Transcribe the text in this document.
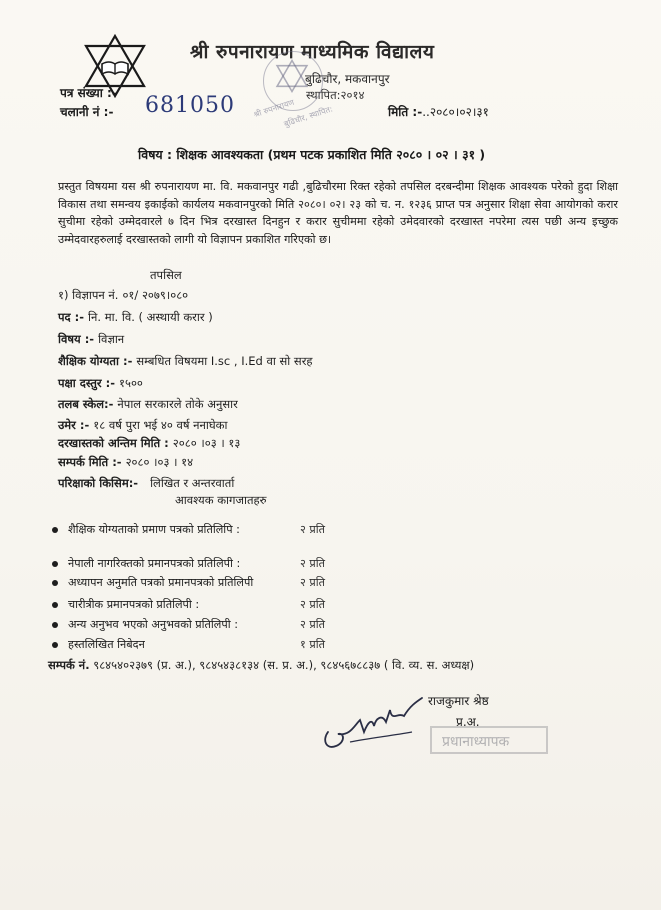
श्री रुपनारायण माध्यमिक विद्यालय
बुढिचौर, मकवानपुर
स्थापित:२०१४
श्री रुपनारायण
बुढिचौर, स्थापित:
पत्र संख्या :-
चलानी नं :- 681050	मिति :-..२०८०।०२।३१
विषय : शिक्षक आवश्यकता (प्रथम पटक प्रकाशित मिति २०८० । ०२ । ३१ )
प्रस्तुत विषयमा यस श्री रुपनारायण मा. वि. मकवानपुर गढी ,बुढिचौरमा रिक्त रहेको तपसिल दरबन्दीमा शिक्षक आवश्यक परेको हुदा शिक्षा विकास तथा समन्वय इकाईको कार्यलय मकवानपुरको मिति २०८०। ०२। २३ को च. न. १२३६ प्राप्त पत्र अनुसार शिक्षा सेवा आयोगको करार सुचीमा रहेको उम्मेदवारले ७ दिन भित्र दरखास्त दिनहुन र करार सुचीममा रहेको उमेदवारको दरखास्त नपरेमा त्यस पछी अन्य इच्छुक उम्मेदवारहरुलाई दरखास्तको लागी यो विज्ञापन प्रकाशित गरिएको छ।
तपसिल
१) विज्ञापन नं. ०१/ २०७९।०८०
पद :- नि. मा. वि. ( अस्थायी करार )
विषय :- विज्ञान
शैक्षिक योग्यता :- सम्बधित विषयमा I.sc , I.Ed वा सो सरह
पक्षा दस्तुर :- १५००
तलब स्केल:- नेपाल सरकारले तोके अनुसार
उमेर :- १८ वर्ष पुरा भई ४० वर्ष ननाघेका
दरखास्तको अन्तिम मिति : २०८० ।०३ । १३
सम्पर्क मिति :- २०८० ।०३ । १४
परिक्षाको किसिम:- लिखित र अन्तरवार्ता
आवश्यक कागजातहरु
शैक्षिक योग्यताको प्रमाण पत्रको प्रतिलिपि :	२ प्रति
नेपाली नागरिक्तको प्रमानपत्रको प्रतिलिपी :	२ प्रति
अध्यापन अनुमति पत्रको प्रमानपत्रको प्रतिलिपी	२ प्रति
चारीत्रीक प्रमानपत्रको प्रतिलिपी :	२ प्रति
अन्य अनुभव भएको अनुभवको प्रतिलिपी :	२ प्रति
हस्तलिखित निबेदन	१ प्रति
सम्पर्क नं. ९८४५४०२३७९ (प्र. अ.), ९८४५४३८१३४ (स. प्र. अ.), ९८४५६७८८३७ ( वि. व्य. स. अध्यक्ष)
राजकुमार श्रेष्ठ
प्र.अ.
प्रधानाध्यापक
